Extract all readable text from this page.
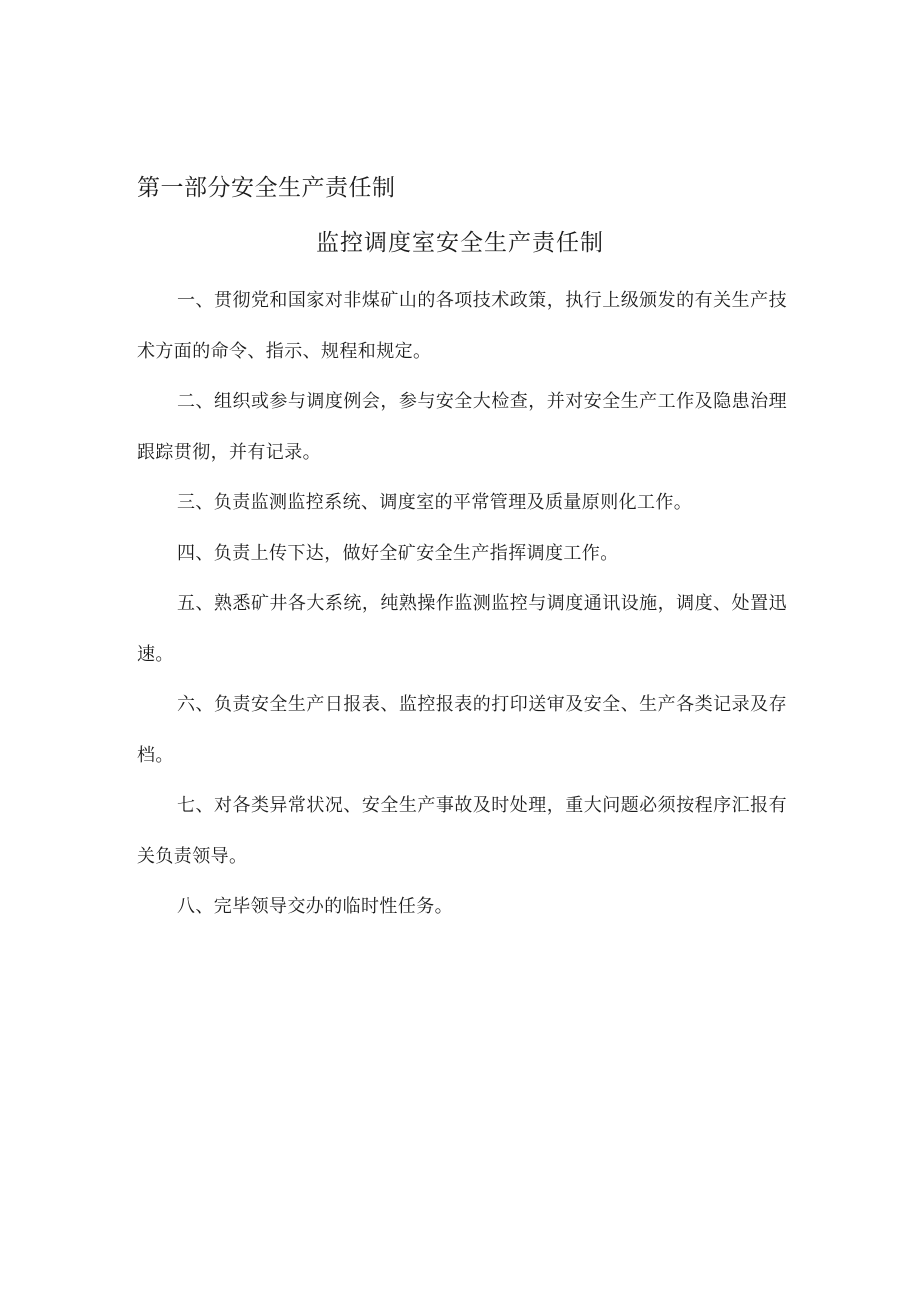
第一部分安全生产责任制
监控调度室安全生产责任制

一、贯彻党和国家对非煤矿山的各项技术政策，执行上级颁发的有关生产技术方面的命令、指示、规程和规定。

二、组织或参与调度例会，参与安全大检查，并对安全生产工作及隐患治理跟踪贯彻，并有记录。

三、负责监测监控系统、调度室的平常管理及质量原则化工作。

四、负责上传下达，做好全矿安全生产指挥调度工作。

五、熟悉矿井各大系统，纯熟操作监测监控与调度通讯设施，调度、处置迅速。

六、负责安全生产日报表、监控报表的打印送审及安全、生产各类记录及存档。

七、对各类异常状况、安全生产事故及时处理，重大问题必须按程序汇报有关负责领导。

八、完毕领导交办的临时性任务。
